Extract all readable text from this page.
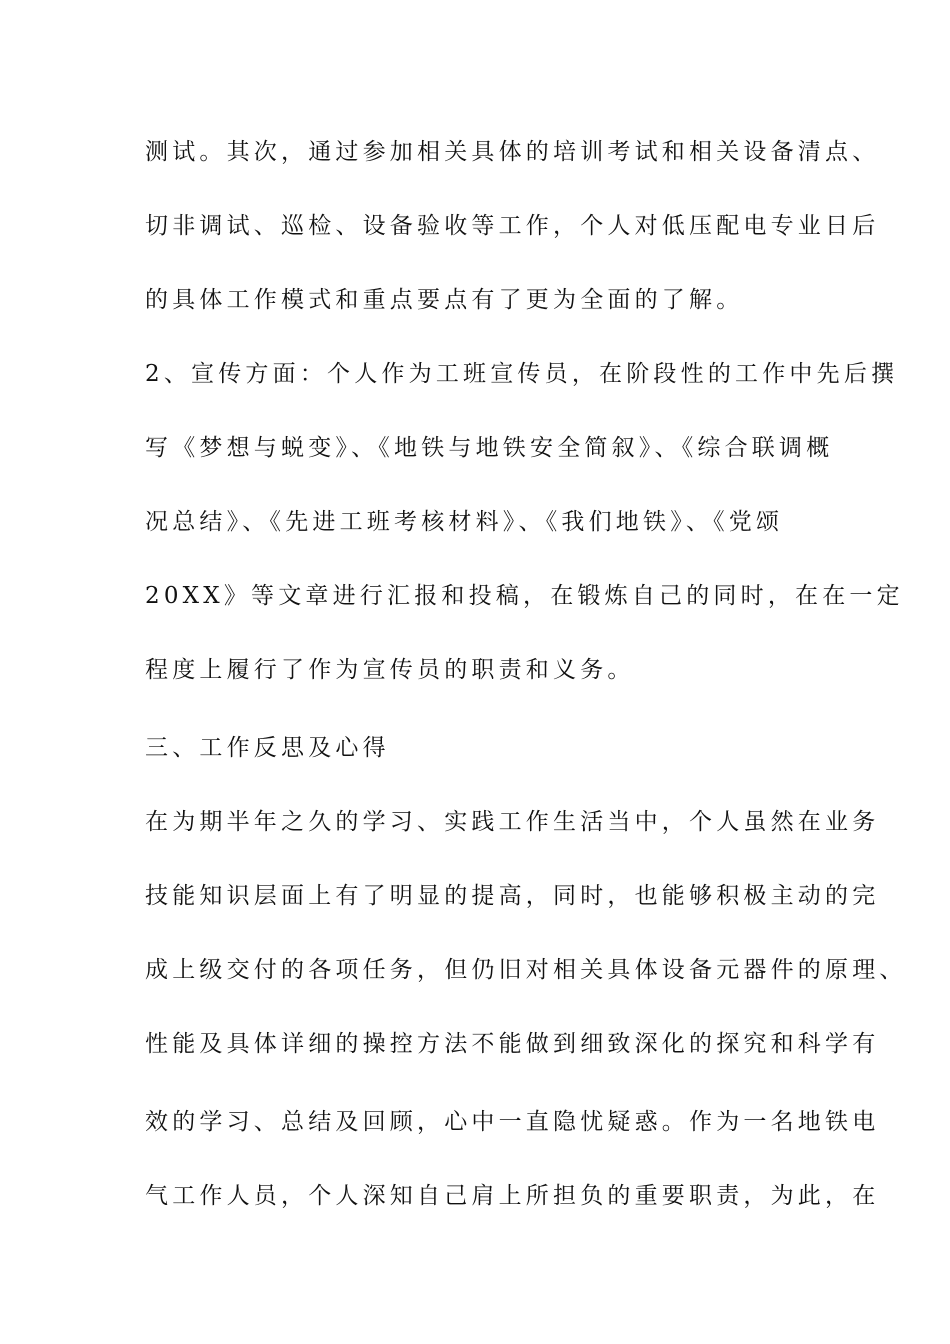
测试。其次，通过参加相关具体的培训考试和相关设备清点、
切非调试、巡检、设备验收等工作，个人对低压配电专业日后
的具体工作模式和重点要点有了更为全面的了解。
2、宣传方面：个人作为工班宣传员，在阶段性的工作中先后撰
写《梦想与蜕变》、《地铁与地铁安全简叙》、《综合联调概
况总结》、《先进工班考核材料》、《我们地铁》、《党颂
20XX》等文章进行汇报和投稿，在锻炼自己的同时，在在一定
程度上履行了作为宣传员的职责和义务。
三、工作反思及心得
在为期半年之久的学习、实践工作生活当中，个人虽然在业务
技能知识层面上有了明显的提高，同时，也能够积极主动的完
成上级交付的各项任务，但仍旧对相关具体设备元器件的原理、
性能及具体详细的操控方法不能做到细致深化的探究和科学有
效的学习、总结及回顾，心中一直隐忧疑惑。作为一名地铁电
气工作人员，个人深知自己肩上所担负的重要职责，为此，在
